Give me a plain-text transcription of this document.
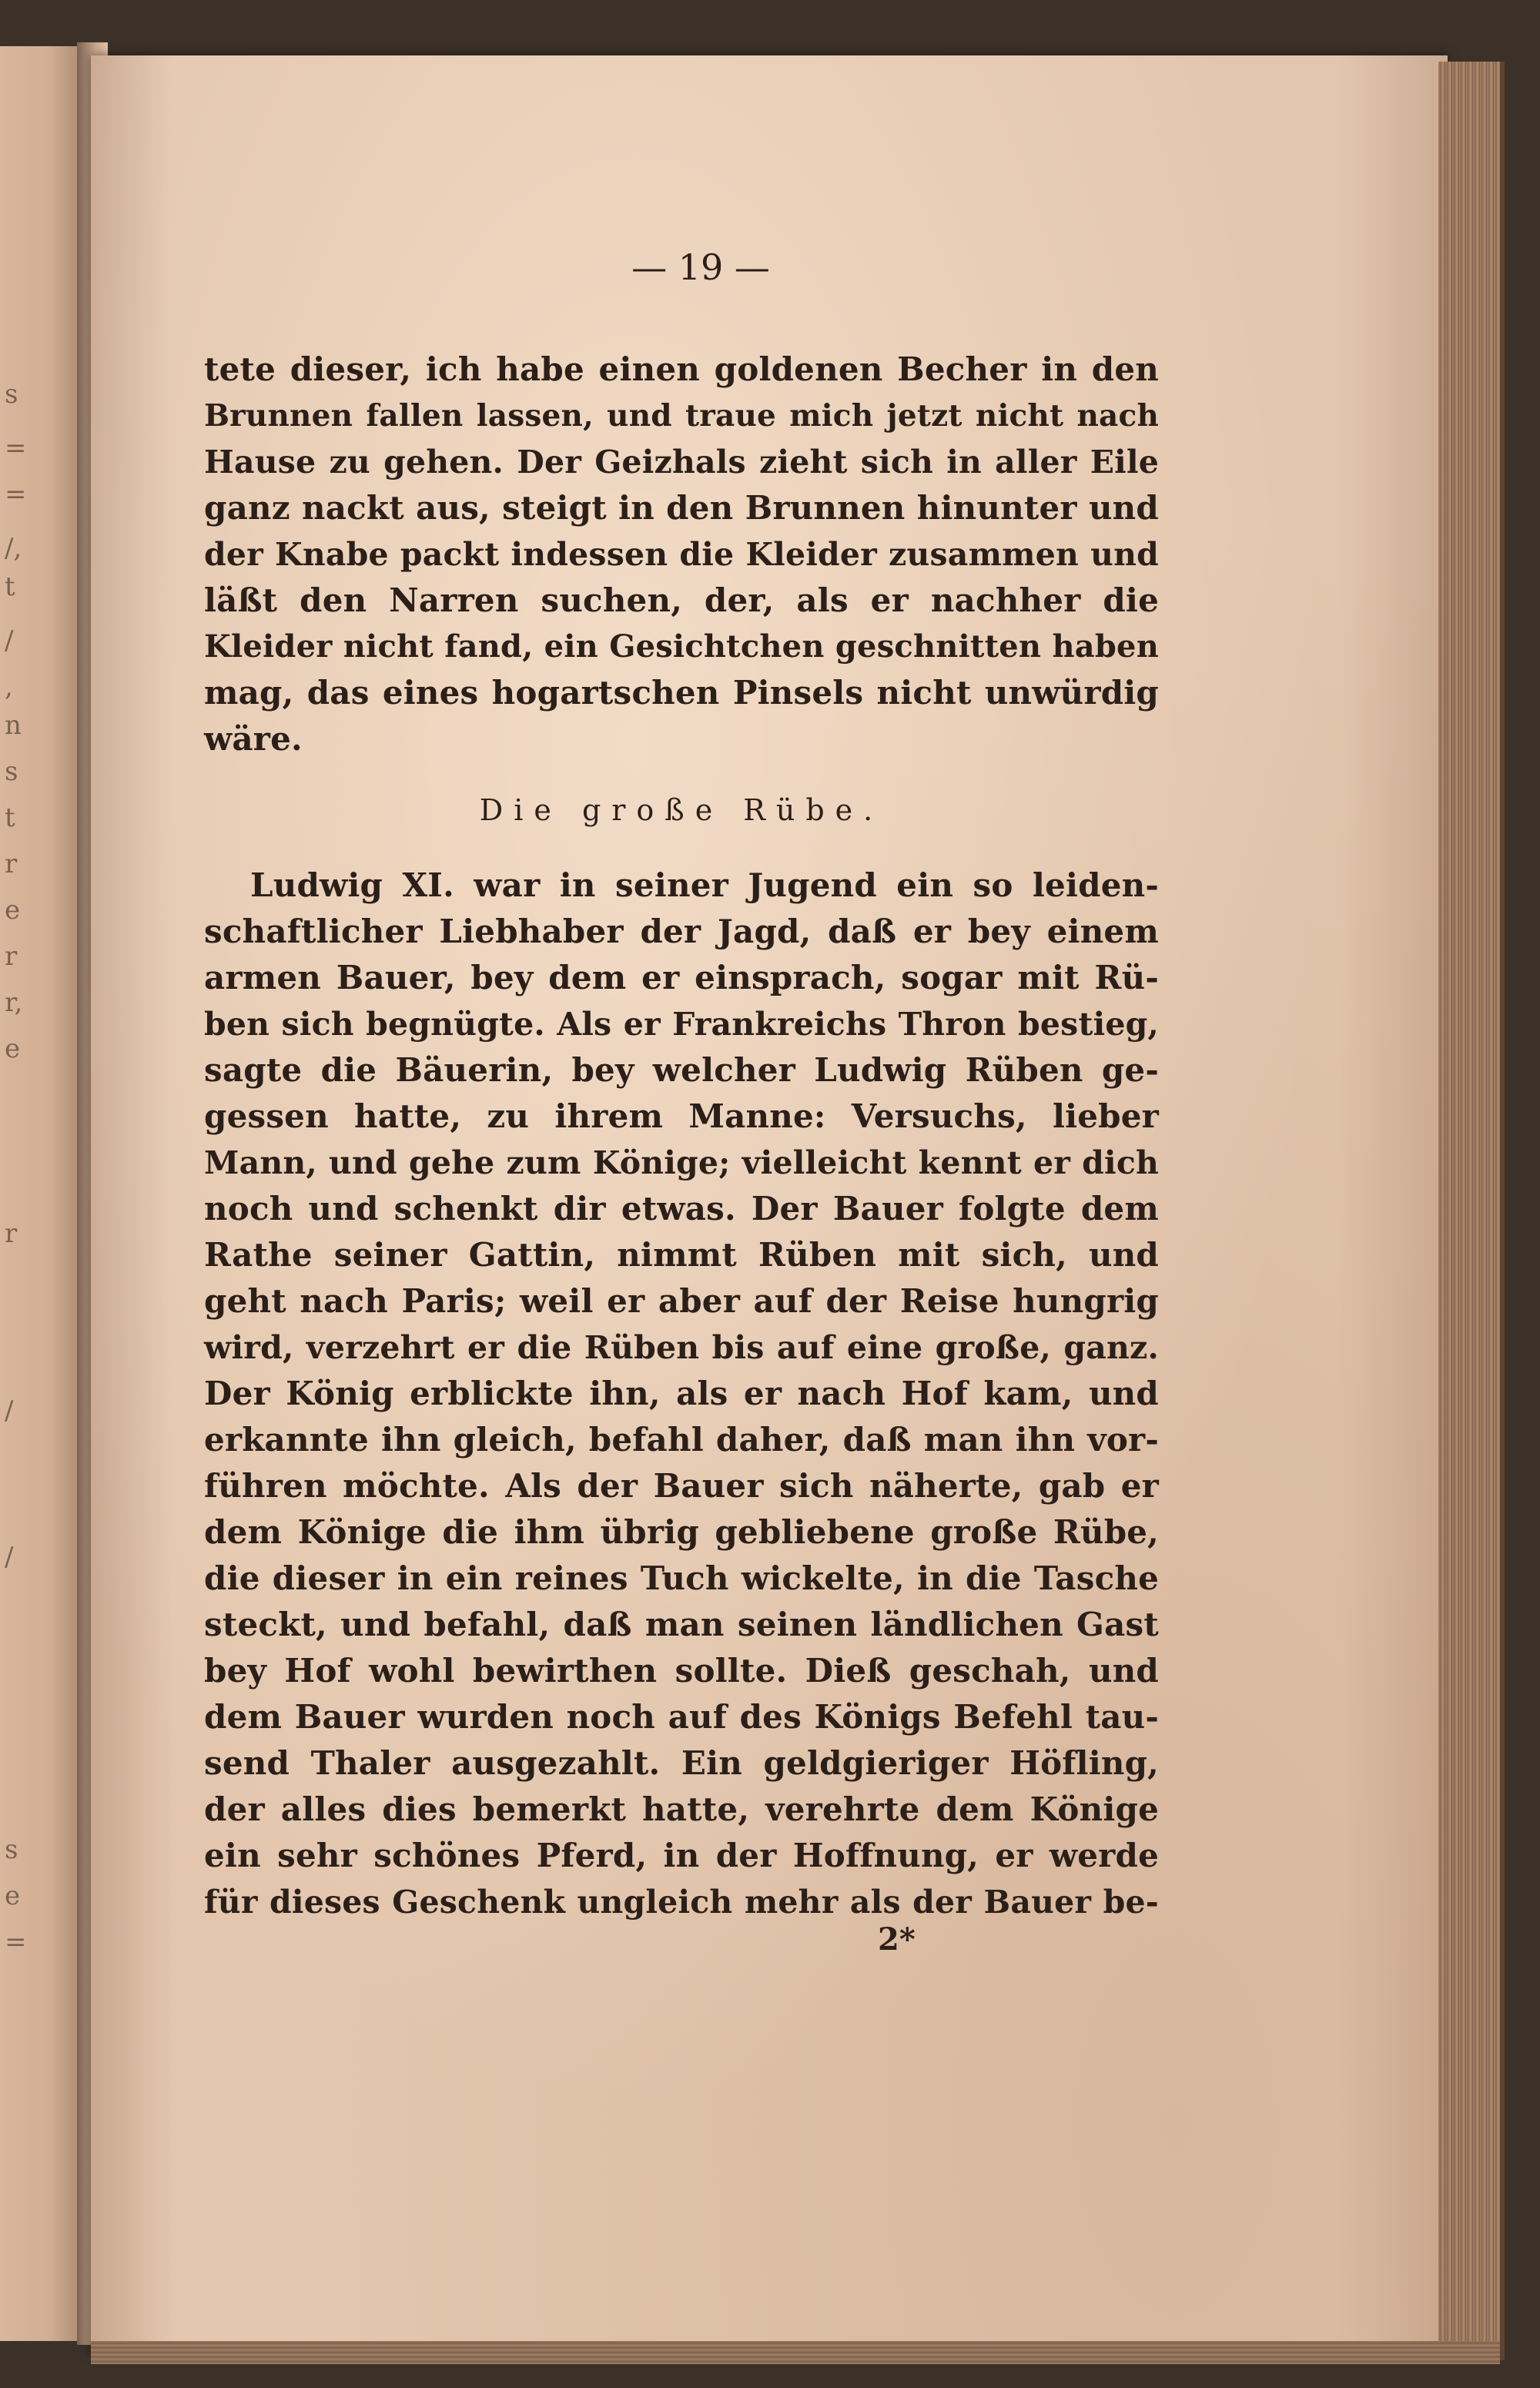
s
=
=
/,
t
/
,
n
s
t
r
e
r
r,
e
r
/
/
s
e
=
— 19 —
tete dieser, ich habe einen goldenen Becher in den
Brunnen fallen lassen, und traue mich jetzt nicht nach
Hause zu gehen. Der Geizhals zieht sich in aller Eile
ganz nackt aus, steigt in den Brunnen hinunter und
der Knabe packt indessen die Kleider zusammen und
läßt den Narren suchen, der, als er nachher die
Kleider nicht fand, ein Gesichtchen geschnitten haben
mag, das eines hogartschen Pinsels nicht unwürdig
wäre.
Die große Rübe.
Ludwig XI. war in seiner Jugend ein so leiden-
schaftlicher Liebhaber der Jagd, daß er bey einem
armen Bauer, bey dem er einsprach, sogar mit Rü-
ben sich begnügte. Als er Frankreichs Thron bestieg,
sagte die Bäuerin, bey welcher Ludwig Rüben ge-
gessen hatte, zu ihrem Manne: Versuchs, lieber
Mann, und gehe zum Könige; vielleicht kennt er dich
noch und schenkt dir etwas. Der Bauer folgte dem
Rathe seiner Gattin, nimmt Rüben mit sich, und
geht nach Paris; weil er aber auf der Reise hungrig
wird, verzehrt er die Rüben bis auf eine große, ganz.
Der König erblickte ihn, als er nach Hof kam, und
erkannte ihn gleich, befahl daher, daß man ihn vor-
führen möchte. Als der Bauer sich näherte, gab er
dem Könige die ihm übrig gebliebene große Rübe,
die dieser in ein reines Tuch wickelte, in die Tasche
steckt, und befahl, daß man seinen ländlichen Gast
bey Hof wohl bewirthen sollte. Dieß geschah, und
dem Bauer wurden noch auf des Königs Befehl tau-
send Thaler ausgezahlt. Ein geldgieriger Höfling,
der alles dies bemerkt hatte, verehrte dem Könige
ein sehr schönes Pferd, in der Hoffnung, er werde
für dieses Geschenk ungleich mehr als der Bauer be-
2*
